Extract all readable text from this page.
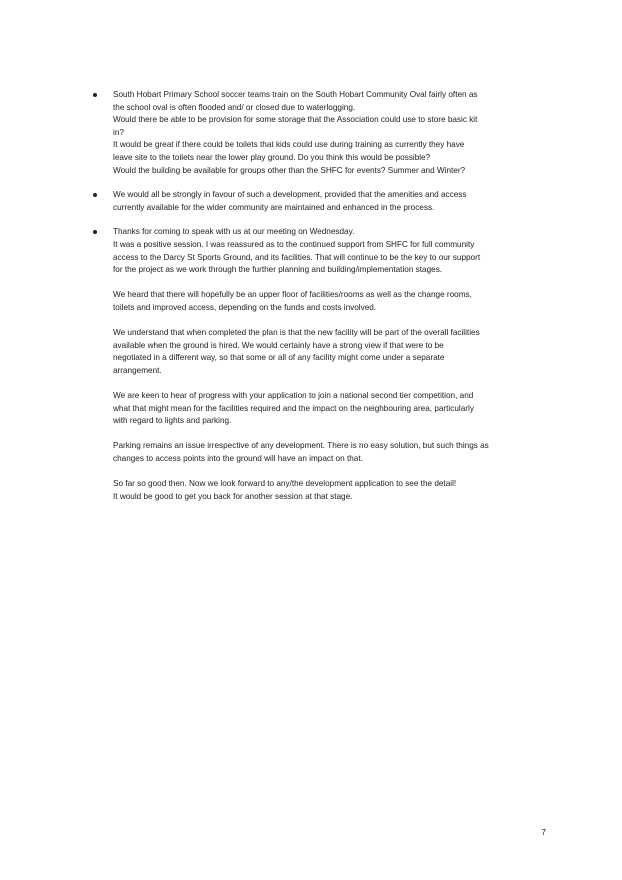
South Hobart Primary School soccer teams train on the South Hobart Community Oval fairly often as
the school oval is often flooded and/ or closed due to waterlogging.
Would there be able to be provision for some storage that the Association could use to store basic kit
in?
It would be great if there could be toilets that kids could use during training as currently they have
leave site to the toilets near the lower play ground. Do you think this would be possible?
Would the building be available for groups other than the SHFC for events? Summer and Winter?
We would all be strongly in favour of such a development, provided that the amenities and access
currently available for the wider community are maintained and enhanced in the process.
Thanks for coming to speak with us at our meeting on Wednesday.
It was a positive session. I was reassured as to the continued support from SHFC for full community
access to the Darcy St Sports Ground, and its facilities. That will continue to be the key to our support
for the project as we work through the further planning and building/implementation stages.
We heard that there will hopefully be an upper floor of facilities/rooms as well as the change rooms,
toilets and improved access, depending on the funds and costs involved.
We understand that when completed the plan is that the new facility will be part of the overall facilities
available when the ground is hired. We would certainly have a strong view if that were to be
negotiated in a different way, so that some or all of any facility might come under a separate
arrangement.
We are keen to hear of progress with your application to join a national second tier competition, and
what that might mean for the facilities required and the impact on the neighbouring area, particularly
with regard to lights and parking.
Parking remains an issue irrespective of any development. There is no easy solution, but such things as
changes to access points into the ground will have an impact on that.
So far so good then. Now we look forward to any/the development application to see the detail!
It would be good to get you back for another session at that stage.
7
